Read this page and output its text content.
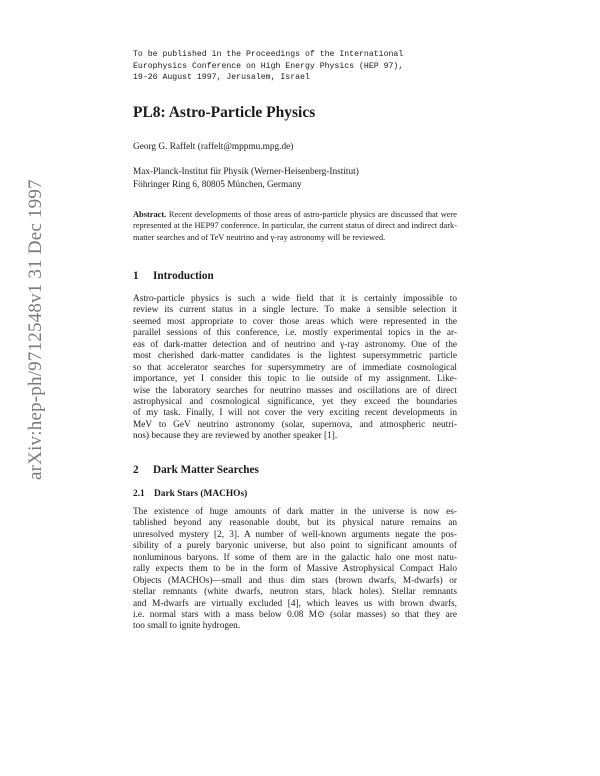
arXiv:hep-ph/9712548v1 31 Dec 1997
To be published in the Proceedings of the International
Europhysics Conference on High Energy Physics (HEP 97),
19-26 August 1997, Jerusalem, Israel
PL8: Astro-Particle Physics
Georg G. Raffelt (raffelt@mppmu.mpg.de)
Max-Planck-Institut für Physik (Werner-Heisenberg-Institut)
Föhringer Ring 6, 80805 München, Germany
Abstract. Recent developments of those areas of astro-particle physics are discussed that were represented at the HEP97 conference. In particular, the current status of direct and indirect dark-matter searches and of TeV neutrino and γ-ray astronomy will be reviewed.
1 Introduction
Astro-particle physics is such a wide field that it is certainly impossible to
review its current status in a single lecture. To make a sensible selection it
seemed most appropriate to cover those areas which were represented in the
parallel sessions of this conference, i.e. mostly experimental topics in the ar-
eas of dark-matter detection and of neutrino and γ-ray astronomy. One of the
most cherished dark-matter candidates is the lightest supersymmetric particle
so that accelerator searches for supersymmetry are of immediate cosmological
importance, yet I consider this topic to lie outside of my assignment. Like-
wise the laboratory searches for neutrino masses and oscillations are of direct
astrophysical and cosmological significance, yet they exceed the boundaries
of my task. Finally, I will not cover the very exciting recent developments in
MeV to GeV neutrino astronomy (solar, supernova, and atmospheric neutri-
nos) because they are reviewed by another speaker [1].
2 Dark Matter Searches
2.1 Dark Stars (MACHOs)
The existence of huge amounts of dark matter in the universe is now es-
tablished beyond any reasonable doubt, but its physical nature remains an
unresolved mystery [2, 3]. A number of well-known arguments negate the pos-
sibility of a purely baryonic universe, but also point to significant amounts of
nonluminous baryons. If some of them are in the galactic halo one most natu-
rally expects them to be in the form of Massive Astrophysical Compact Halo
Objects (MACHOs)—small and thus dim stars (brown dwarfs, M-dwarfs) or
stellar remnants (white dwarfs, neutron stars, black holes). Stellar remnants
and M-dwarfs are virtually excluded [4], which leaves us with brown dwarfs,
i.e. normal stars with a mass below 0.08 M⊙ (solar masses) so that they are
too small to ignite hydrogen.
